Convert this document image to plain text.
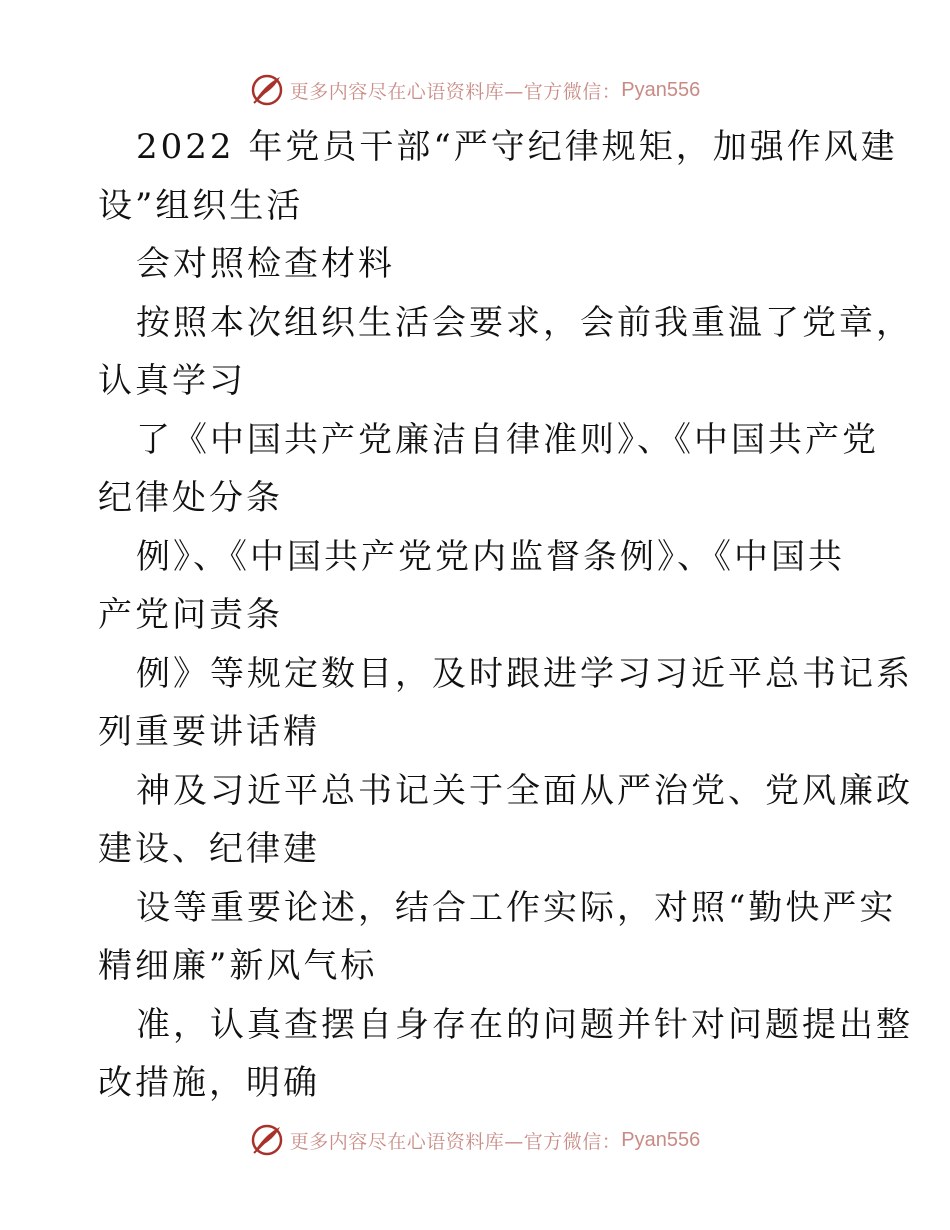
更多内容尽在心语资料库—官方微信： Pyan556
2022 年党员干部“严守纪律规矩，加强作风建
设”组织生活
会对照检查材料
按照本次组织生活会要求，会前我重温了党章，
认真学习
了《中国共产党廉洁自律准则》、《中国共产党
纪律处分条
例》、《中国共产党党内监督条例》、《中国共
产党问责条
例》等规定数目，及时跟进学习习近平总书记系
列重要讲话精
神及习近平总书记关于全面从严治党、党风廉政
建设、纪律建
设等重要论述，结合工作实际，对照“勤快严实
精细廉”新风气标
准，认真查摆自身存在的问题并针对问题提出整
改措施，明确
更多内容尽在心语资料库—官方微信： Pyan556
